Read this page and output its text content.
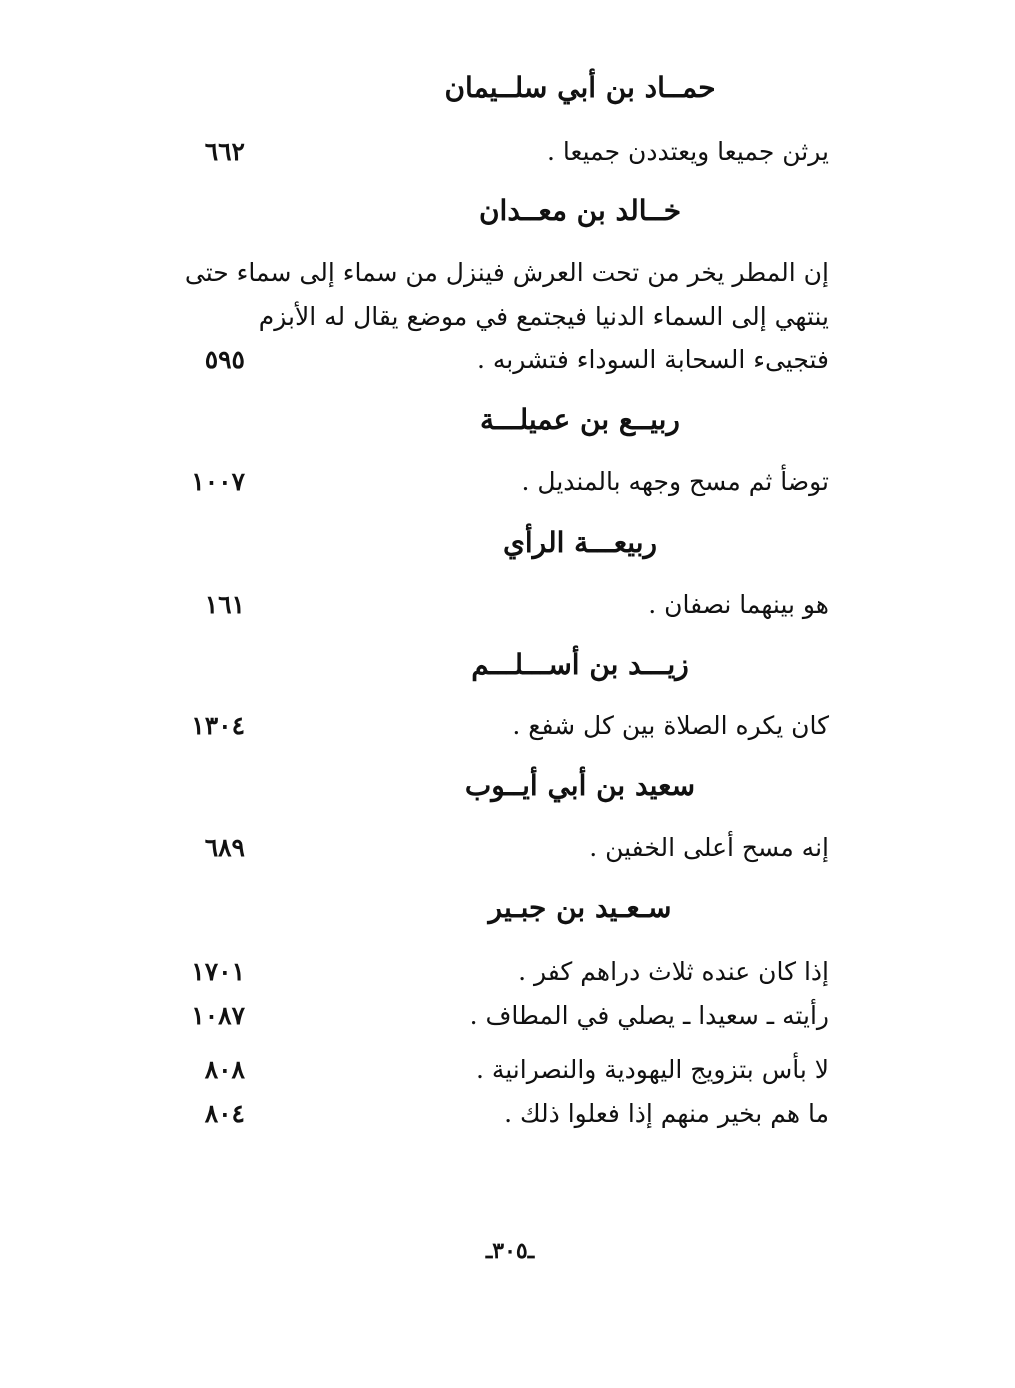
حمــاد بن أبي سلــيمان
يرثن جميعا ويعتددن جميعا .
٦٦٢
خــالد بن معــدان
إن المطر يخر من تحت العرش فينزل من سماء إلى سماء حتى
ينتهي إلى السماء الدنيا فيجتمع في موضع يقال له الأبزم
فتجيىء السحابة السوداء فتشربه .
٥٩٥
ربيــع بن عميلـــة
توضأ ثم مسح وجهه بالمنديل .
١٠٠٧
ربيعـــة الرأي
هو بينهما نصفان .
١٦١
زيـــد بن أســـلـــم
كان يكره الصلاة بين كل شفع .
١٣٠٤
سعيد بن أبي أيــوب
إنه مسح أعلى الخفين .
٦٨٩
سـعـيد بن جبـير
إذا كان عنده ثلاث دراهم كفر .
١٧٠١
رأيته ـ سعيدا ـ يصلي في المطاف .
١٠٨٧
لا بأس بتزويج اليهودية والنصرانية .
٨٠٨
ما هم بخير منهم إذا فعلوا ذلك .
٨٠٤
ـ٣٠٥ـ
